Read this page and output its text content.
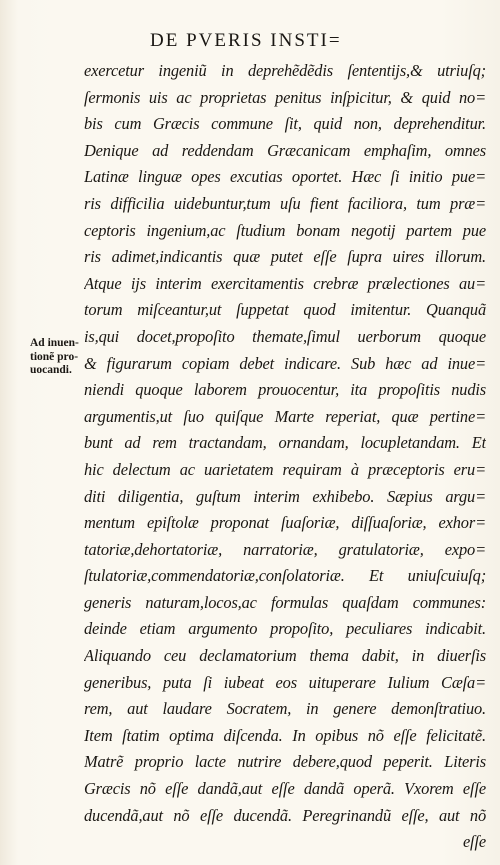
DE PVERIS INSTI=
Ad inuen-
tionẽ pro-
uocandi.
exercetur ingeniũ in deprehẽdẽdis ſententijs,& utriuſq;
ſermonis uis ac proprietas penitus inſpicitur, & quid no=
bis cum Græcis commune ſit, quid non, deprehenditur.
Denique ad reddendam Græcanicam emphaſim, omnes
Latinæ linguæ opes excutias oportet. Hæc ſi initio pue=
ris difficilia uidebuntur,tum uſu fient faciliora, tum præ=
ceptoris ingenium,ac ſtudium bonam negotij partem pue
ris adimet,indicantis quæ putet eſſe ſupra uires illorum.
Atque ijs interim exercitamentis crebræ prælectiones au=
torum miſceantur,ut ſuppetat quod imitentur. Quanquã
is,qui docet,propoſito themate,ſimul uerborum quoque
& figurarum copiam debet indicare. Sub hæc ad inue=
niendi quoque laborem prouocentur, ita propoſitis nudis
argumentis,ut ſuo quiſque Marte reperiat, quæ pertine=
bunt ad rem tractandam, ornandam, locupletandam. Et
hic delectum ac uarietatem requiram à præceptoris eru=
diti diligentia, guſtum interim exhibebo. Sæpius argu=
mentum epiſtolæ proponat ſuaſoriæ, diſſuaſoriæ, exhor=
tatoriæ,dehortatoriæ, narratoriæ, gratulatoriæ, expo=
ſtulatoriæ,commendatoriæ,conſolatoriæ. Et uniuſcuiuſq;
generis naturam,locos,ac formulas quaſdam communes:
deinde etiam argumento propoſito, peculiares indicabit.
Aliquando ceu declamatorium thema dabit, in diuerſis
generibus, puta ſi iubeat eos uituperare Iulium Cæſa=
rem, aut laudare Socratem, in genere demonſtratiuo.
Item ſtatim optima diſcenda. In opibus nõ eſſe felicitatẽ.
Matrẽ proprio lacte nutrire debere,quod peperit. Literis
Græcis nõ eſſe dandã,aut eſſe dandã operã. Vxorem eſſe
ducendã,aut nõ eſſe ducendã. Peregrinandũ eſſe, aut nõ
eſſe
